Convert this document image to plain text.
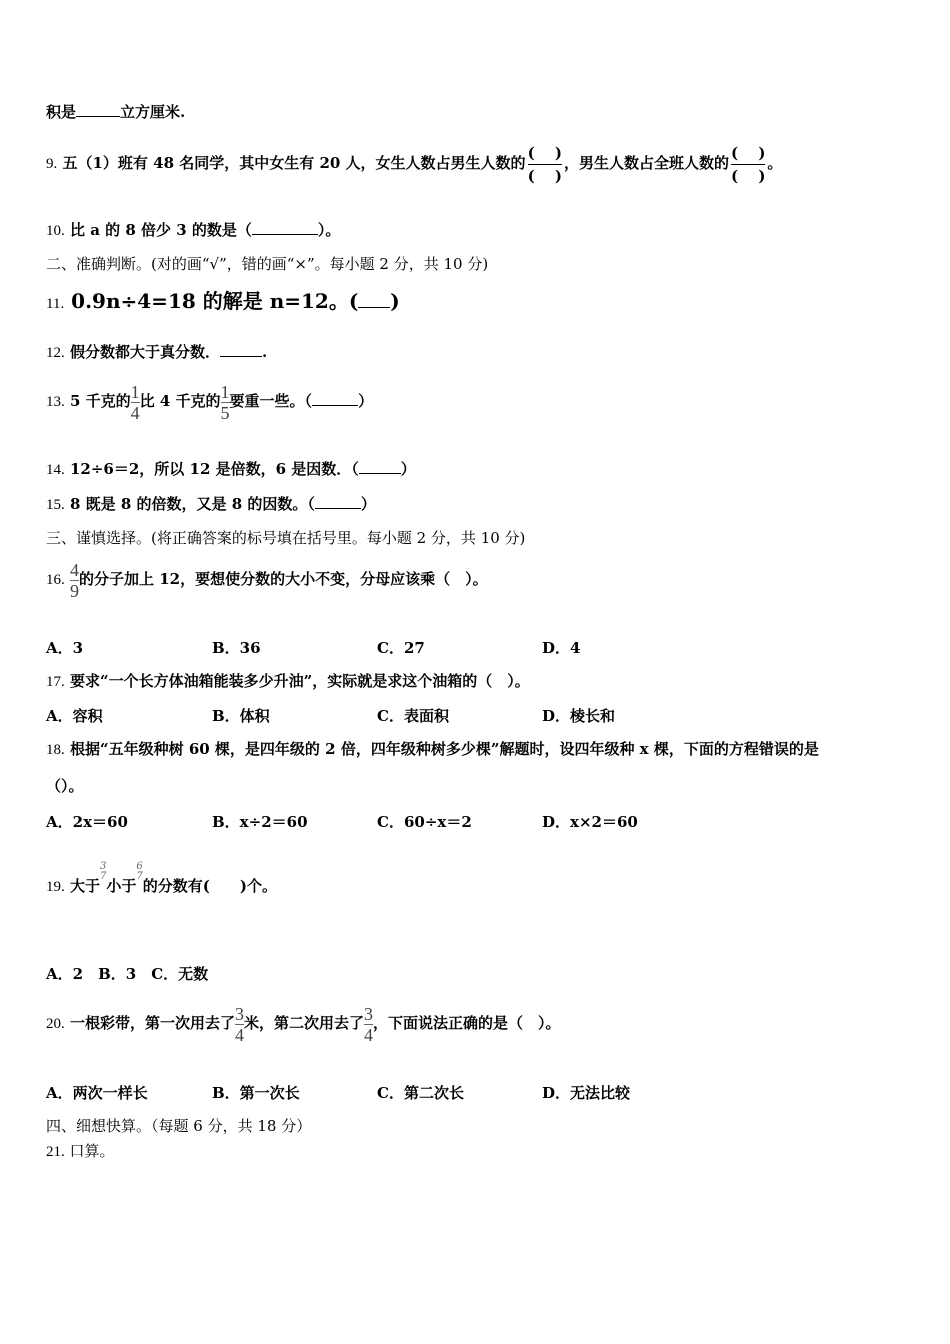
积是	立方厘米.
9. 五（1）班有 48 名同学，其中女生有 20 人，女生人数占男生人数的
(　 )
(　 )
，男生人数占全班人数的
(　 )
(　 )
。
10. 比 a 的 8 倍少 3 的数是（	）。
二、准确判断。(对的画“√”，错的画“×”。每小题 2 分，共 10 分)
11. 0.9n÷4=18 的解是 n=12。( )
12. 假分数都大于真分数．	.
13. 5 千克的 $\frac{1}{4}$ 比 4 千克的 $\frac{1}{5}$ 要重一些。（	）
14. 12÷6＝2，所以 12 是倍数，6 是因数．（	）
15. 8 既是 8 的倍数，又是 8 的因数。（	）
三、谨慎选择。(将正确答案的标号填在括号里。每小题 2 分，共 10 分)
16. $\frac{4}{9}$ 的分子加上 12，要想使分数的大小不变，分母应该乘（　）。
A．3	B．36	C．27	D．4
17. 要求“一个长方体油箱能装多少升油”，实际就是求这个油箱的（　）。
A．容积	B．体积	C．表面积	D．棱长和
18. 根据“五年级种树 60 棵，是四年级的 2 倍，四年级种树多少棵”解题时，设四年级种 x 棵，下面的方程错误的是
（）。
A．2x＝60	B．x÷2＝60	C．60÷x＝2	D．x×2＝60
19. 大于3
7小于6
7的分数有(　　)个。
A．2　B．3　C．无数
20. 一根彩带，第一次用去了 $\frac{3}{4}$ 米，第二次用去了 $\frac{3}{4}$ ，下面说法正确的是（　）。
A．两次一样长	B．第一次长	C．第二次长	D．无法比较
四、细想快算。（每题 6 分，共 18 分）
21. 口算。
